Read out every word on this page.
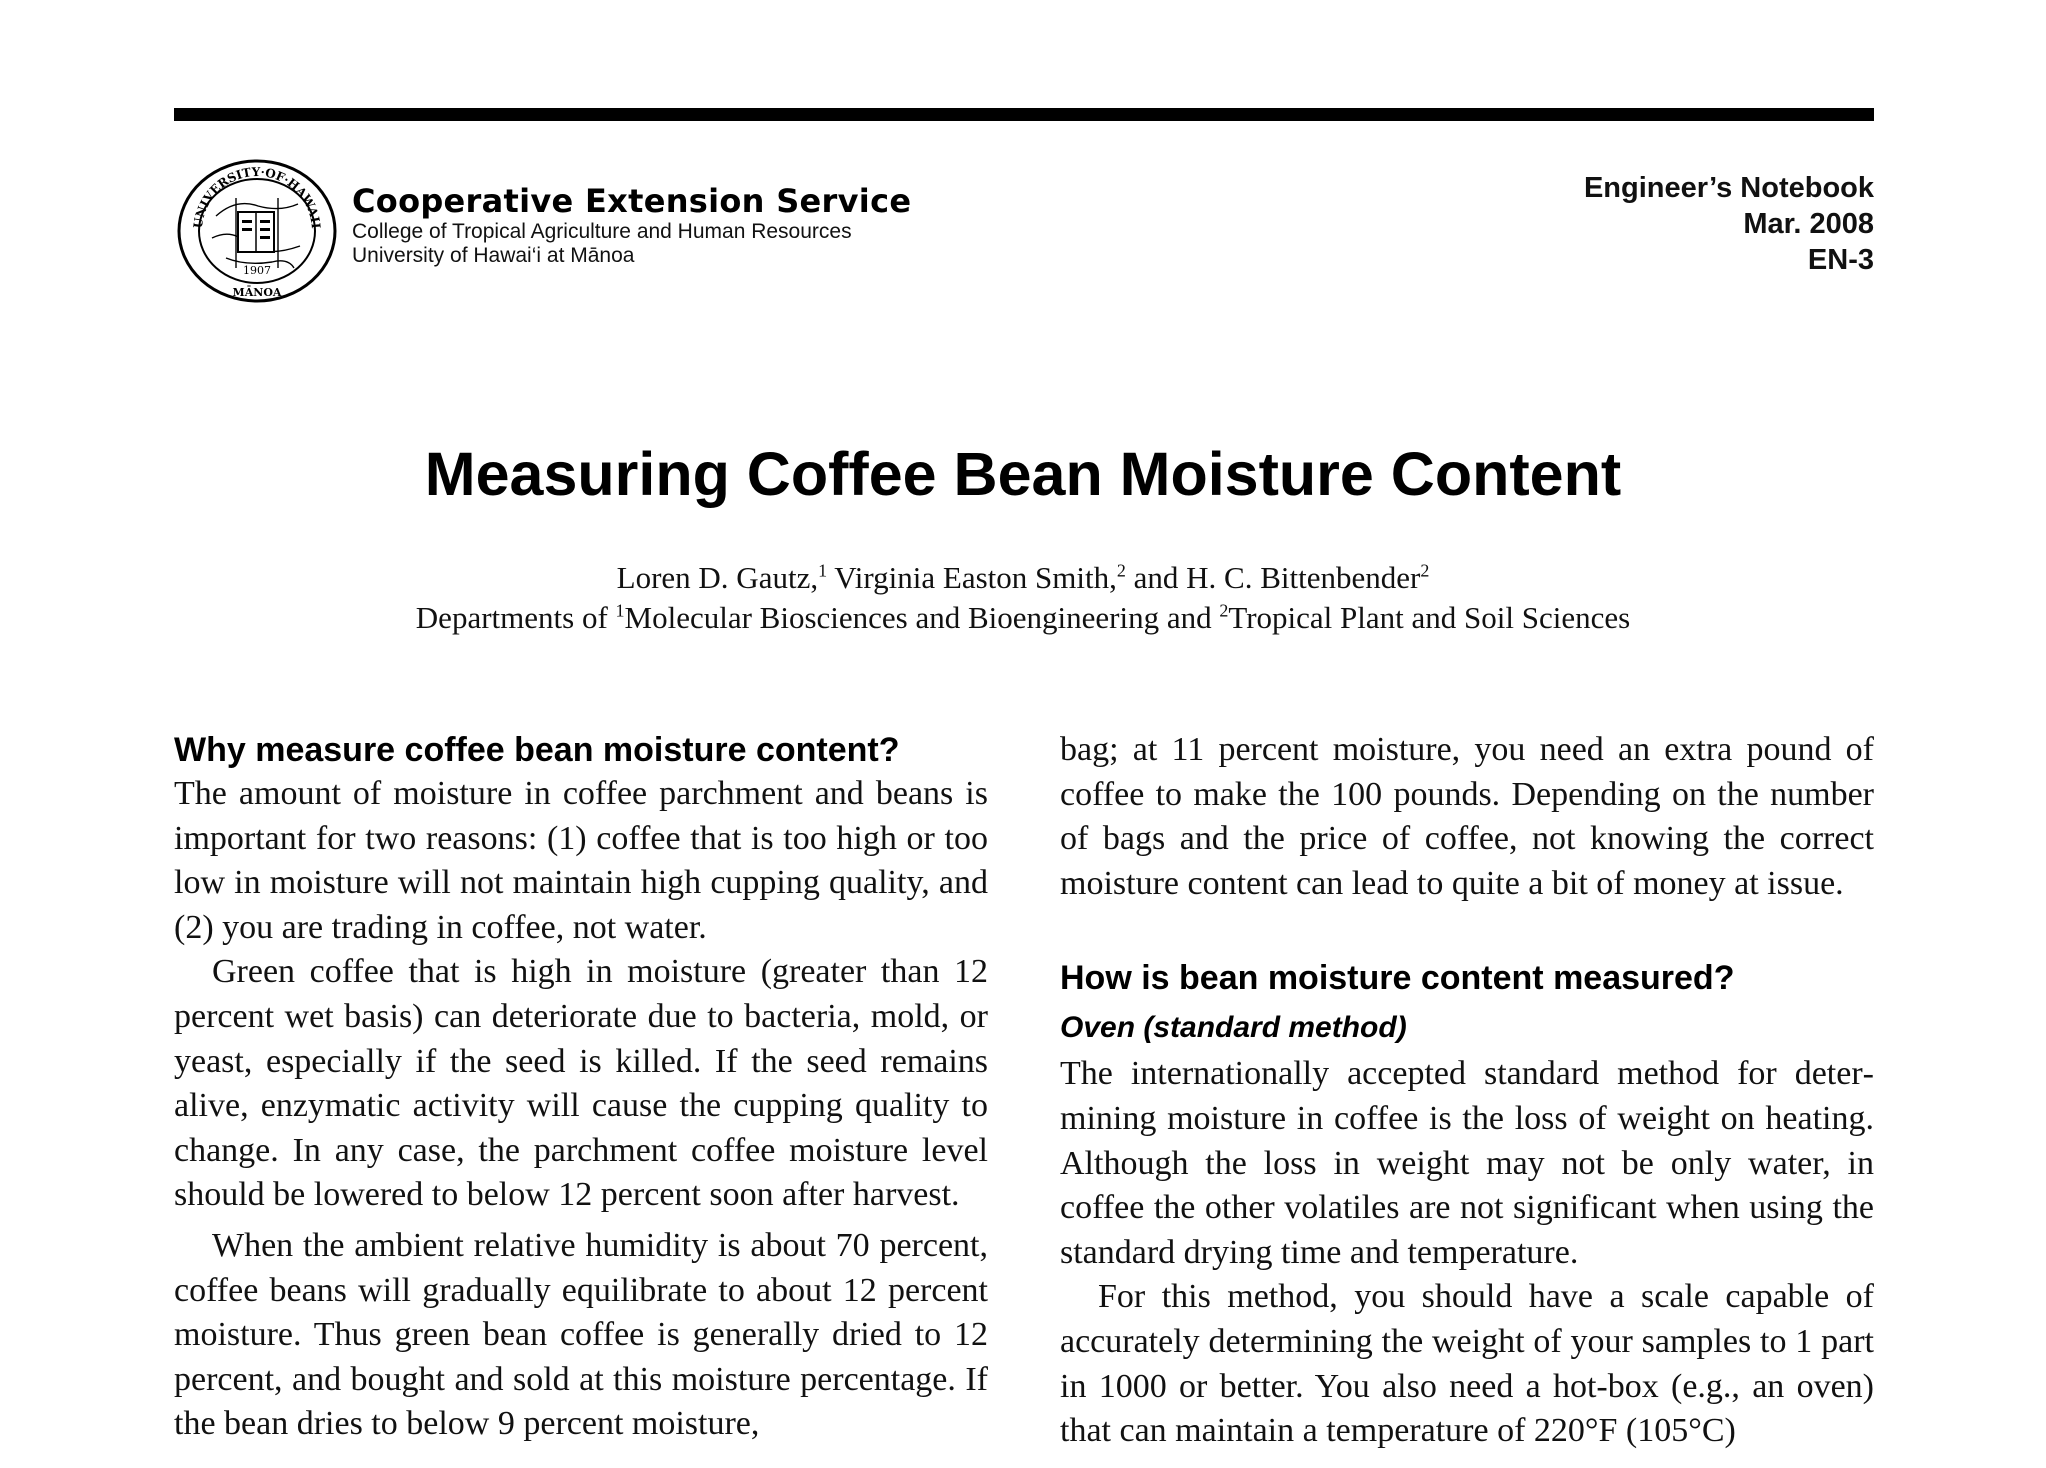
UNIVERSITY·OF·HAWAII
MĀNOA
1907
Cooperative Extension Service
College of Tropical Agriculture and Human Resources
University of Hawai‘i at Mānoa
Engineer’s Notebook
Mar. 2008
EN-3
Measuring Coffee Bean Moisture Content
Loren D. Gautz,$^1$ Virginia Easton Smith,$^2$ and H. C. Bittenbender$^2$
Departments of $^1$Molecular Biosciences and Bioengineering and $^2$Tropical Plant and Soil Sciences
Why measure coffee bean moisture content?

The amount of moisture in coffee parchment and beans is important for two reasons: (1) coffee that is too high or too low in moisture will not maintain high cupping quality, and (2) you are trading in coffee, not water.

Green coffee that is high in moisture (greater than 12 percent wet basis) can deteriorate due to bacteria, mold, or yeast, especially if the seed is killed. If the seed remains alive, enzymatic activity will cause the cupping quality to change. In any case, the parchment coffee moisture level should be lowered to below 12 percent soon after harvest.

When the ambient relative humidity is about 70 percent, coffee beans will gradually equilibrate to about 12 percent moisture. Thus green bean coffee is generally dried to 12 percent, and bought and sold at this moisture percentage. If the bean dries to below 9 percent moisture,

bag; at 11 percent moisture, you need an extra pound of coffee to make the 100 pounds. Depending on the number of bags and the price of coffee, not knowing the correct moisture content can lead to quite a bit of money at issue.

How is bean moisture content measured?
Oven (standard method)

The internationally accepted standard method for determining moisture in coffee is the loss of weight on heating. Although the loss in weight may not be only water, in coffee the other volatiles are not significant when using the standard drying time and temperature.

For this method, you should have a scale capable of accurately determining the weight of your samples to 1 part in 1000 or better. You also need a hot-box (e.g., an oven) that can maintain a temperature of 220°F (105°C)
